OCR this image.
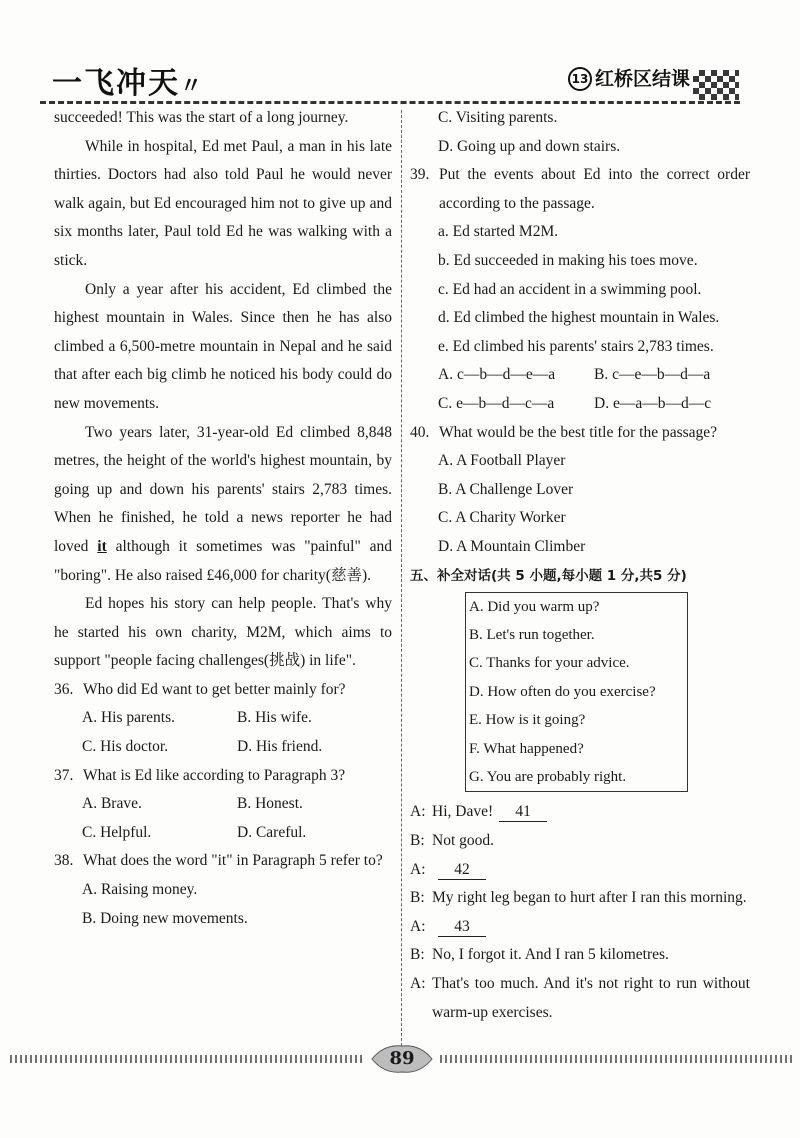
一飞冲天〃	13 红桥区结课

succeeded! This was the start of a long journey.

While in hospital, Ed met Paul, a man in his late thirties. Doctors had also told Paul he would never walk again, but Ed encouraged him not to give up and six months later, Paul told Ed he was walking with a stick.

Only a year after his accident, Ed climbed the highest mountain in Wales. Since then he has also climbed a 6,500-metre mountain in Nepal and he said that after each big climb he noticed his body could do new movements.

Two years later, 31-year-old Ed climbed 8,848 metres, the height of the world's highest mountain, by going up and down his parents' stairs 2,783 times. When he finished, he told a news reporter he had loved it although it sometimes was "painful" and "boring". He also raised £46,000 for charity(慈善).

Ed hopes his story can help people. That's why he started his own charity, M2M, which aims to support "people facing challenges(挑战) in life".

36. Who did Ed want to get better mainly for?
A. His parents.	B. His wife.
C. His doctor.	D. His friend.
37. What is Ed like according to Paragraph 3?
A. Brave.	B. Honest.
C. Helpful.	D. Careful.
38. What does the word "it" in Paragraph 5 refer to?
A. Raising money.
B. Doing new movements.
C. Visiting parents.
D. Going up and down stairs.
39. Put the events about Ed into the correct order according to the passage.
a. Ed started M2M.
b. Ed succeeded in making his toes move.
c. Ed had an accident in a swimming pool.
d. Ed climbed the highest mountain in Wales.
e. Ed climbed his parents' stairs 2,783 times.
A. c—b—d—e—a	B. c—e—b—d—a
C. e—b—d—c—a	D. e—a—b—d—c
40. What would be the best title for the passage?
A. A Football Player
B. A Challenge Lover
C. A Charity Worker
D. A Mountain Climber
五、补全对话(共 5 小题,每小题 1 分,共5 分)
A. Did you warm up?
B. Let's run together.
C. Thanks for your advice.
D. How often do you exercise?
E. How is it going?
F. What happened?
G. You are probably right.
A: Hi, Dave! 41
B: Not good.
A:	42
B: My right leg began to hurt after I ran this morning.
A:	43
B: No, I forgot it. And I ran 5 kilometres.
A: That's too much. And it's not right to run without warm-up exercises.
89
